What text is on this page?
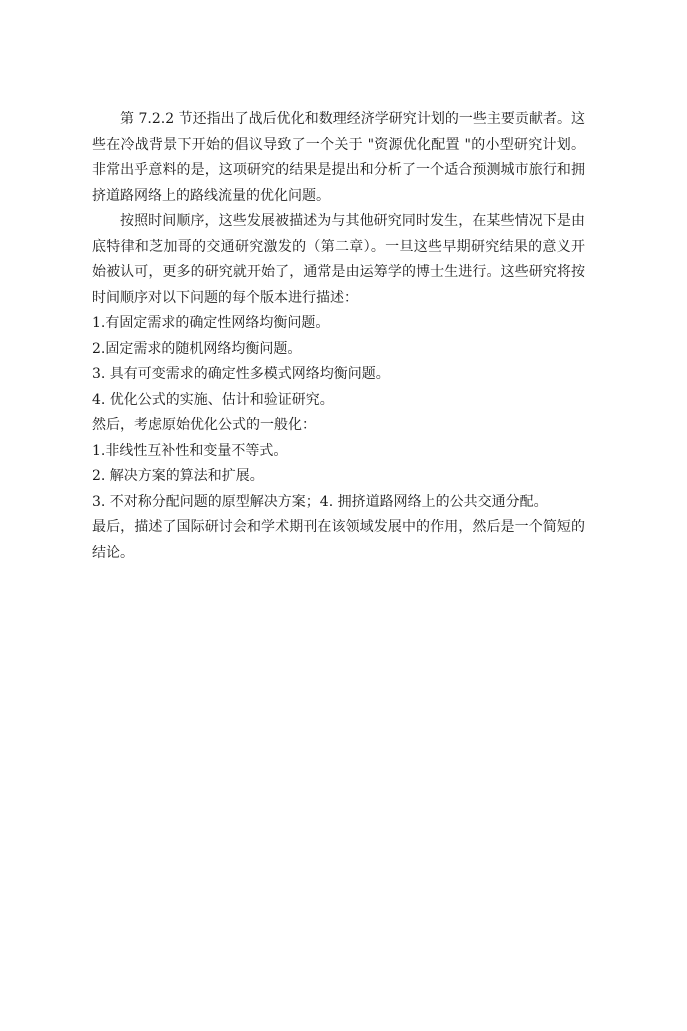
第 7.2.2 节还指出了战后优化和数理经济学研究计划的一些主要贡献者。这些在冷战背景下开始的倡议导致了一个关于 "资源优化配置 "的小型研究计划。非常出乎意料的是，这项研究的结果是提出和分析了一个适合预测城市旅行和拥挤道路网络上的路线流量的优化问题。

按照时间顺序，这些发展被描述为与其他研究同时发生，在某些情况下是由底特律和芝加哥的交通研究激发的（第二章）。一旦这些早期研究结果的意义开始被认可，更多的研究就开始了，通常是由运筹学的博士生进行。这些研究将按时间顺序对以下问题的每个版本进行描述：

1.有固定需求的确定性网络均衡问题。

2.固定需求的随机网络均衡问题。

3. 具有可变需求的确定性多模式网络均衡问题。

4. 优化公式的实施、估计和验证研究。

然后，考虑原始优化公式的一般化：

1.非线性互补性和变量不等式。

2. 解决方案的算法和扩展。

3. 不对称分配问题的原型解决方案；4. 拥挤道路网络上的公共交通分配。

最后，描述了国际研讨会和学术期刊在该领域发展中的作用，然后是一个简短的结论。
